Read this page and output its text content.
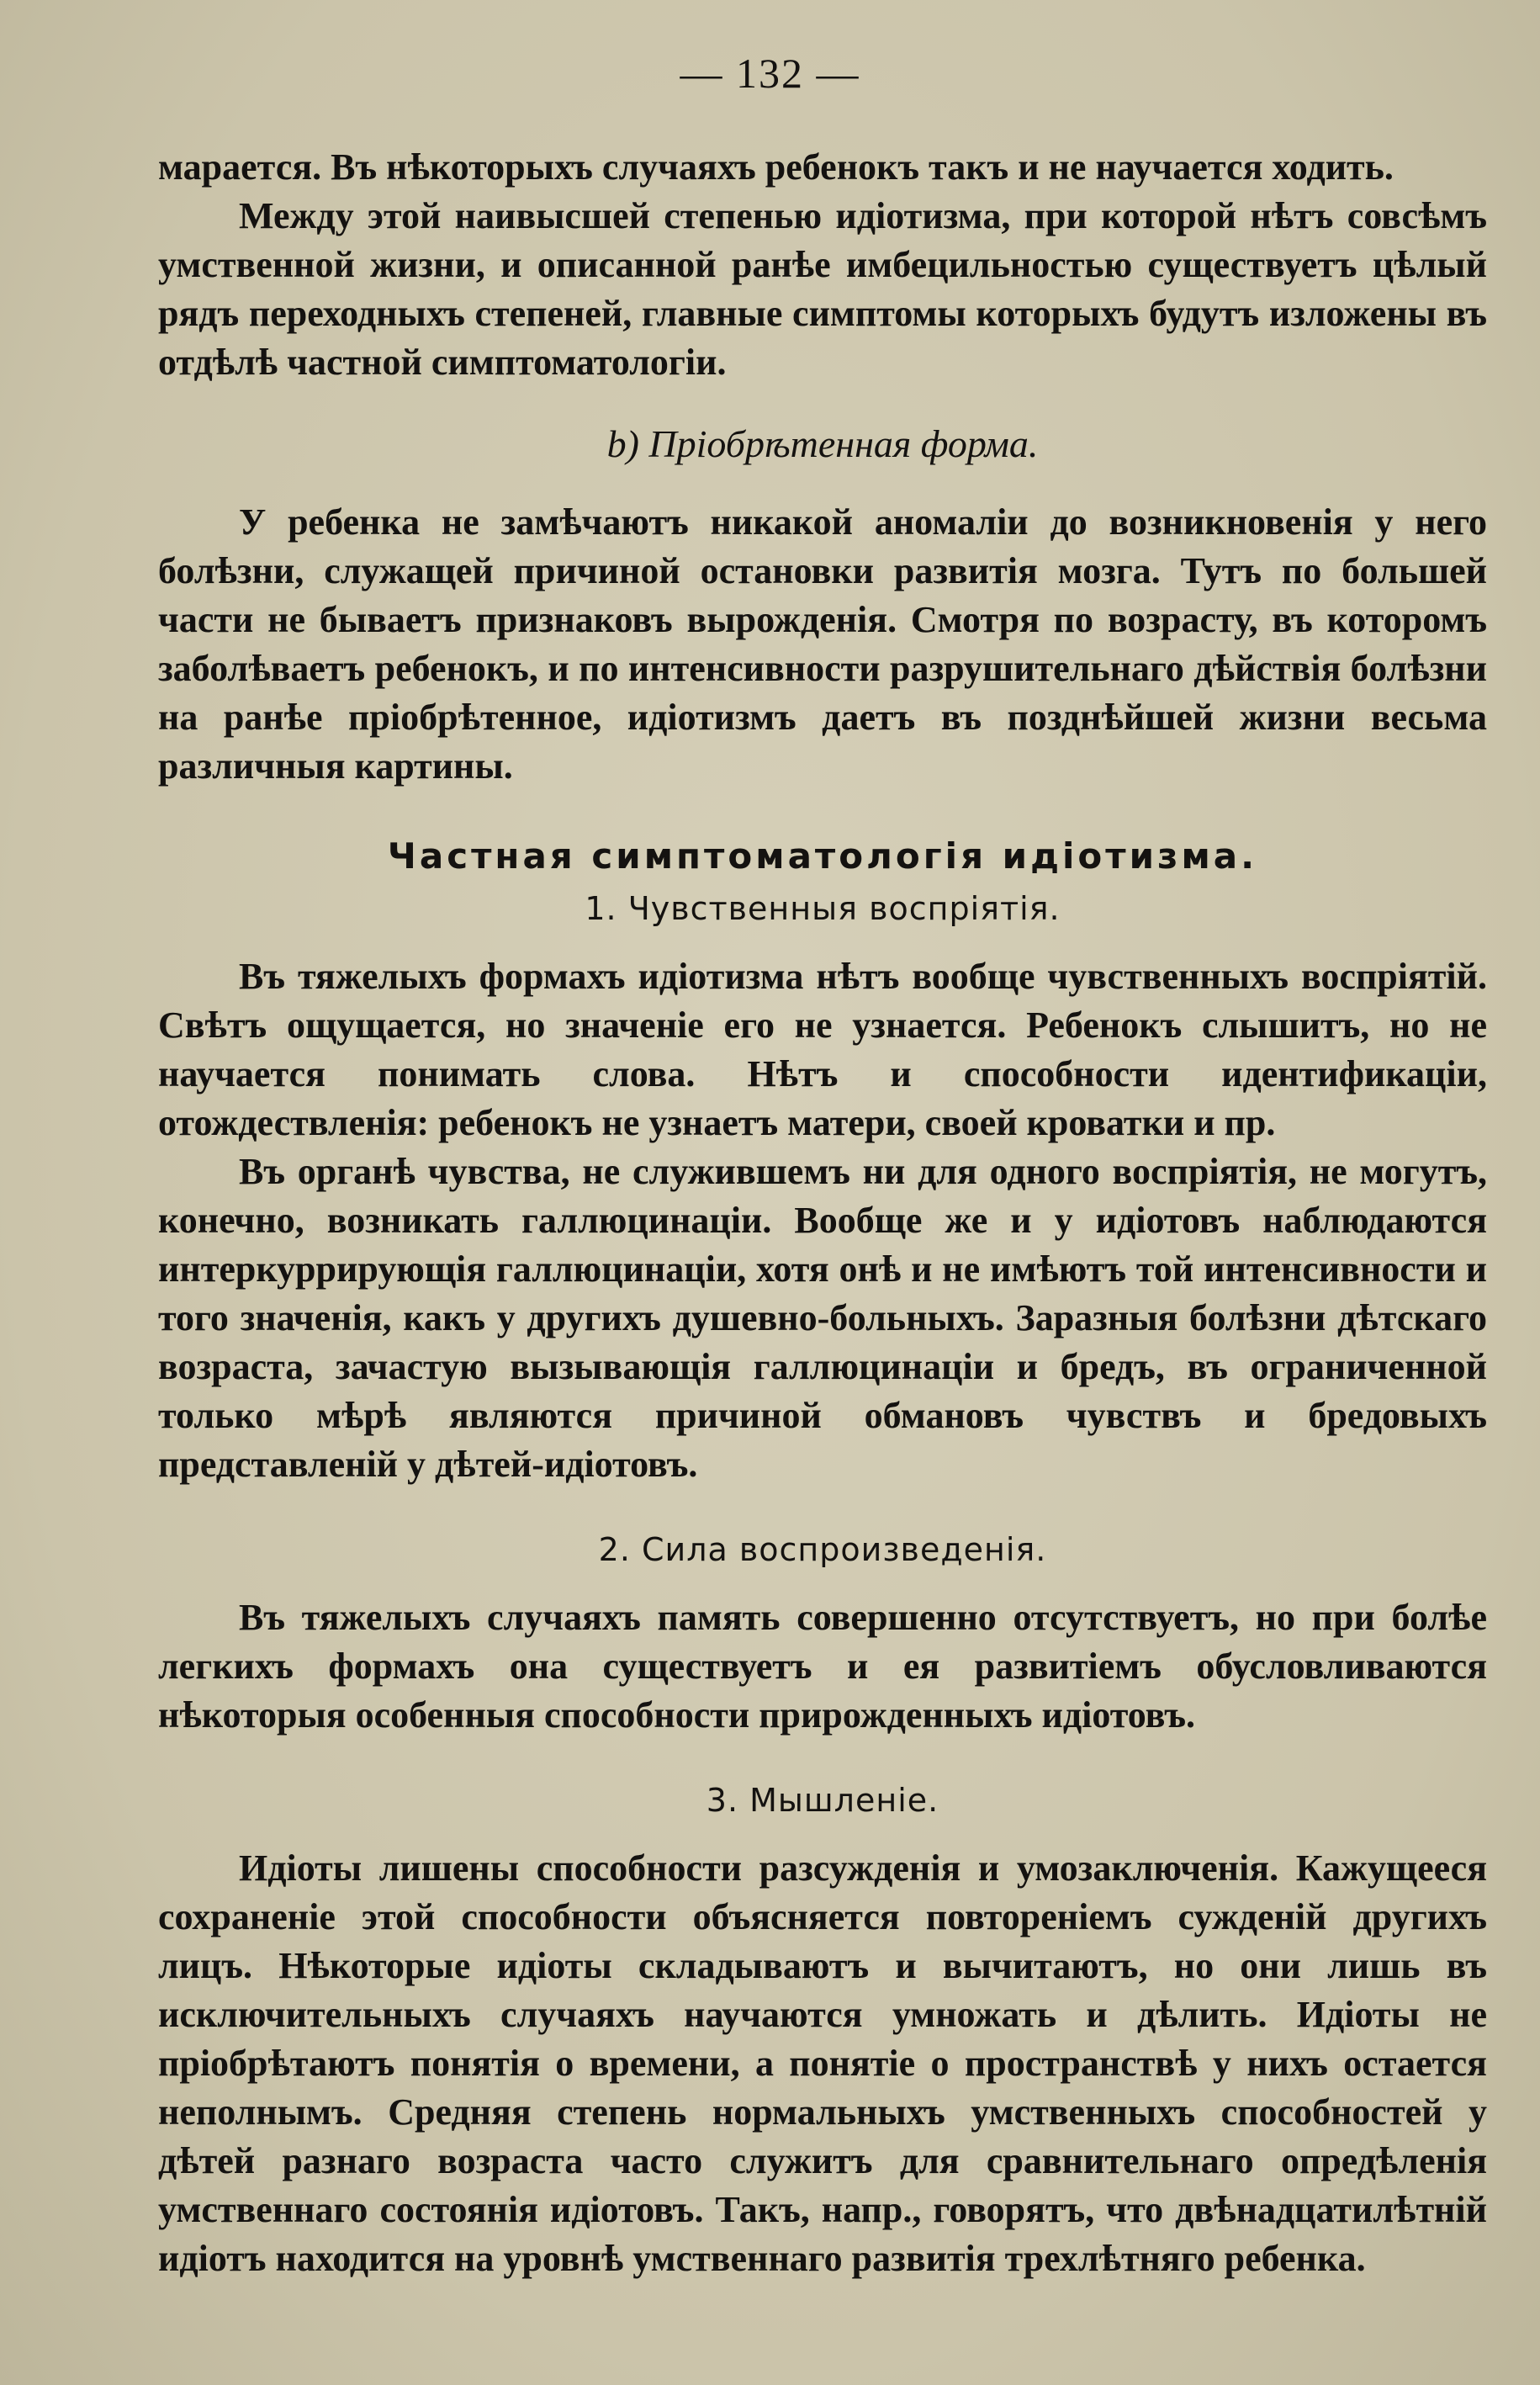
— 132 —

марается. Въ нѣкоторыхъ случаяхъ ребенокъ такъ и не научается ходить.

Между этой наивысшей степенью идіотизма, при которой нѣтъ совсѣмъ умственной жизни, и описанной ранѣе имбецильностью существуетъ цѣлый рядъ переходныхъ степеней, главные симптомы которыхъ будутъ изложены въ отдѣлѣ частной симптоматологіи.

b) Пріобрѣтенная форма.

У ребенка не замѣчаютъ никакой аномаліи до возникновенія у него болѣзни, служащей причиной остановки развитія мозга. Тутъ по большей части не бываетъ признаковъ вырожденія. Смотря по возрасту, въ которомъ заболѣваетъ ребенокъ, и по интенсивности разрушительнаго дѣйствія болѣзни на ранѣе пріобрѣтенное, идіотизмъ даетъ въ позднѣйшей жизни весьма различныя картины.

Частная симптоматологія идіотизма.
1. Чувственныя воспріятія.

Въ тяжелыхъ формахъ идіотизма нѣтъ вообще чувственныхъ воспріятій. Свѣтъ ощущается, но значеніе его не узнается. Ребенокъ слышитъ, но не научается понимать слова. Нѣтъ и способности идентификаціи, отождествленія: ребенокъ не узнаетъ матери, своей кроватки и пр.

Въ органѣ чувства, не служившемъ ни для одного воспріятія, не могутъ, конечно, возникать галлюцинаціи. Вообще же и у идіотовъ наблюдаются интеркуррирующія галлюцинаціи, хотя онѣ и не имѣютъ той интенсивности и того значенія, какъ у другихъ душевно-больныхъ. Заразныя болѣзни дѣтскаго возраста, зачастую вызывающія галлюцинаціи и бредъ, въ ограниченной только мѣрѣ являются причиной обмановъ чувствъ и бредовыхъ представленій у дѣтей-идіотовъ.

2. Сила воспроизведенія.

Въ тяжелыхъ случаяхъ память совершенно отсутствуетъ, но при болѣе легкихъ формахъ она существуетъ и ея развитіемъ обусловливаются нѣкоторыя особенныя способности прирожденныхъ идіотовъ.

3. Мышленіе.

Идіоты лишены способности разсужденія и умозаключенія. Кажущееся сохраненіе этой способности объясняется повтореніемъ сужденій другихъ лицъ. Нѣкоторые идіоты складываютъ и вычитаютъ, но они лишь въ исключительныхъ случаяхъ научаются умножать и дѣлить. Идіоты не пріобрѣтаютъ понятія о времени, а понятіе о пространствѣ у нихъ остается неполнымъ. Средняя степень нормальныхъ умственныхъ способностей у дѣтей разнаго возраста часто служитъ для сравнительнаго опредѣленія умственнаго состоянія идіотовъ. Такъ, напр., говорятъ, что двѣнадцатилѣтній идіотъ находится на уровнѣ умственнаго развитія трехлѣтняго ребенка.
